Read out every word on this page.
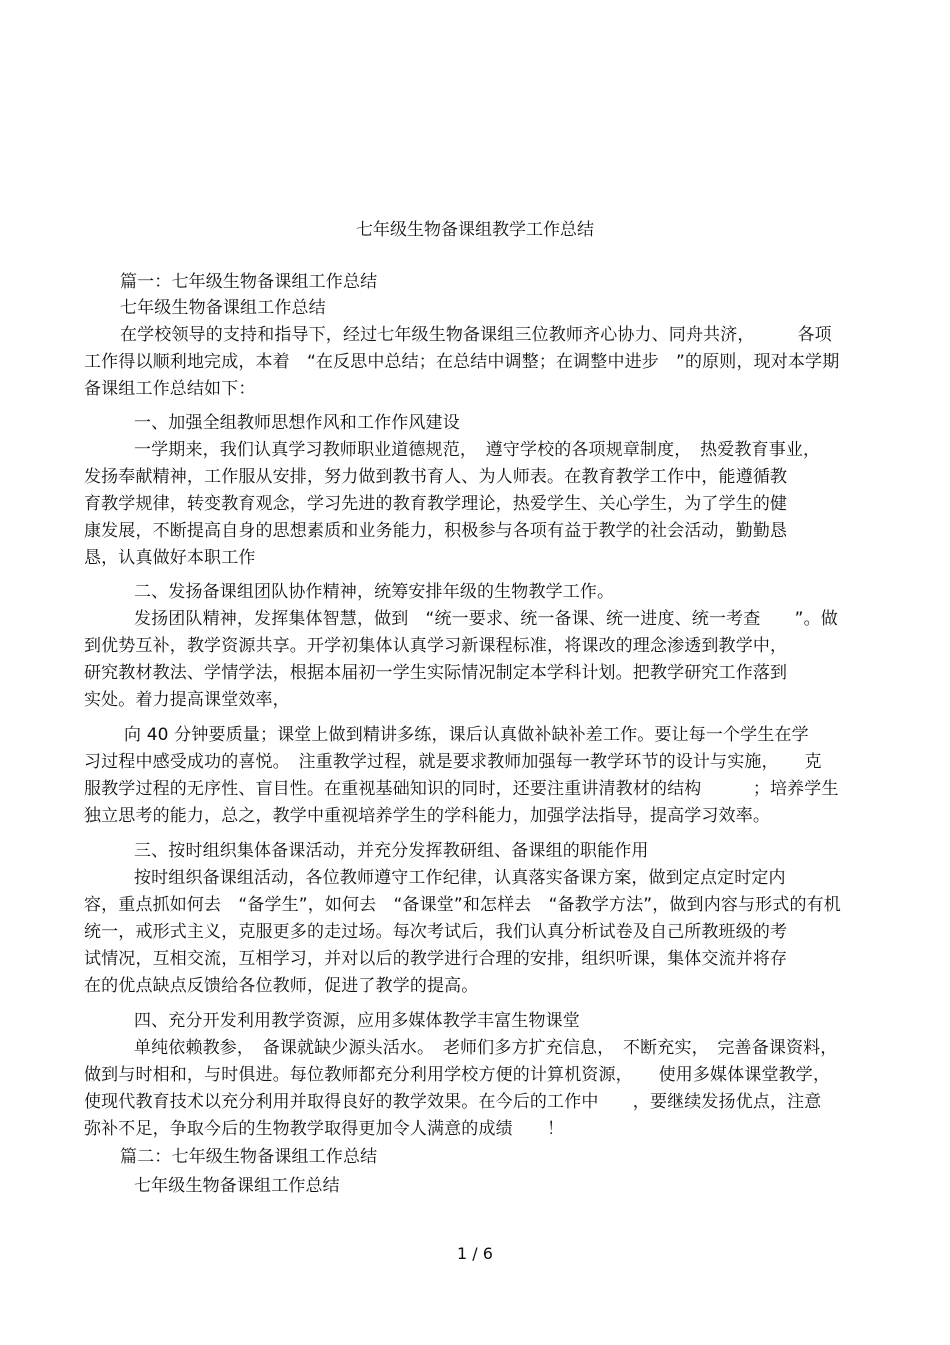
七年级生物备课组教学工作总结
篇一：七年级生物备课组工作总结
七年级生物备课组工作总结
在学校领导的支持和指导下，经过七年级生物备课组三位教师齐心协力、同舟共济，　　　各项
工作得以顺利地完成，本着　“在反思中总结；在总结中调整；在调整中进步　”的原则，现对本学期
备课组工作总结如下：
一、加强全组教师思想作风和工作作风建设
一学期来，我们认真学习教师职业道德规范，　遵守学校的各项规章制度，　热爱教育事业，
发扬奉献精神，工作服从安排，努力做到教书育人、为人师表。在教育教学工作中，能遵循教
育教学规律，转变教育观念，学习先进的教育教学理论，热爱学生、关心学生，为了学生的健
康发展，不断提高自身的思想素质和业务能力，积极参与各项有益于教学的社会活动，勤勤恳
恳，认真做好本职工作
二、发扬备课组团队协作精神，统筹安排年级的生物教学工作。
发扬团队精神，发挥集体智慧，做到　“统一要求、统一备课、统一进度、统一考查　　”。做
到优势互补，教学资源共享。开学初集体认真学习新课程标准，将课改的理念渗透到教学中，
研究教材教法、学情学法，根据本届初一学生实际情况制定本学科计划。把教学研究工作落到
实处。着力提高课堂效率，
向 40 分钟要质量；课堂上做到精讲多练，课后认真做补缺补差工作。要让每一个学生在学
习过程中感受成功的喜悦。　注重教学过程，就是要求教师加强每一教学环节的设计与实施，　　克
服教学过程的无序性、盲目性。在重视基础知识的同时，还要注重讲清教材的结构　　　；培养学生
独立思考的能力，总之，教学中重视培养学生的学科能力，加强学法指导，提高学习效率。
三、按时组织集体备课活动，并充分发挥教研组、备课组的职能作用
按时组织备课组活动，各位教师遵守工作纪律，认真落实备课方案，做到定点定时定内
容，重点抓如何去　“备学生”，如何去　“备课堂”和怎样去　“备教学方法”，做到内容与形式的有机
统一，戒形式主义，克服更多的走过场。每次考试后，我们认真分析试卷及自己所教班级的考
试情况，互相交流，互相学习，并对以后的教学进行合理的安排，组织听课，集体交流并将存
在的优点缺点反馈给各位教师，促进了教学的提高。
四、充分开发利用教学资源，应用多媒体教学丰富生物课堂
单纯依赖教参，　备课就缺少源头活水。　老师们多方扩充信息，　不断充实，　完善备课资料，
做到与时相和，与时俱进。每位教师都充分利用学校方便的计算机资源，　　使用多媒体课堂教学，
使现代教育技术以充分利用并取得良好的教学效果。在今后的工作中　　，要继续发扬优点，注意
弥补不足，争取今后的生物教学取得更加令人满意的成绩　　！
篇二：七年级生物备课组工作总结
七年级生物备课组工作总结
1 / 6
